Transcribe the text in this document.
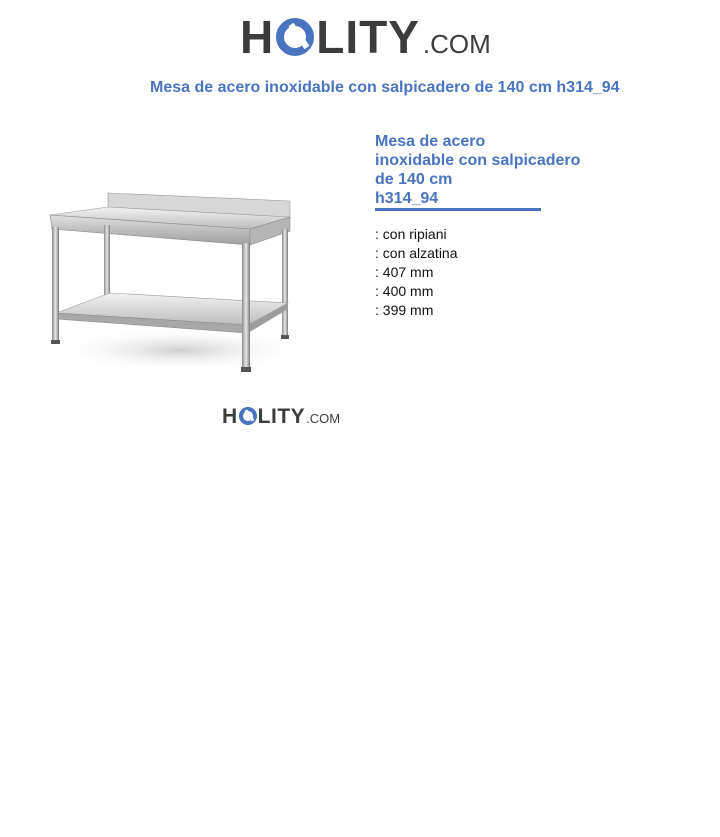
H LITY .COM
Mesa de acero inoxidable con salpicadero de 140 cm h314_94
H LITY .COM
Mesa de acero
inoxidable con salpicadero
de 140 cm
h314_94
: con ripiani
: con alzatina
: 407 mm
: 400 mm
: 399 mm
